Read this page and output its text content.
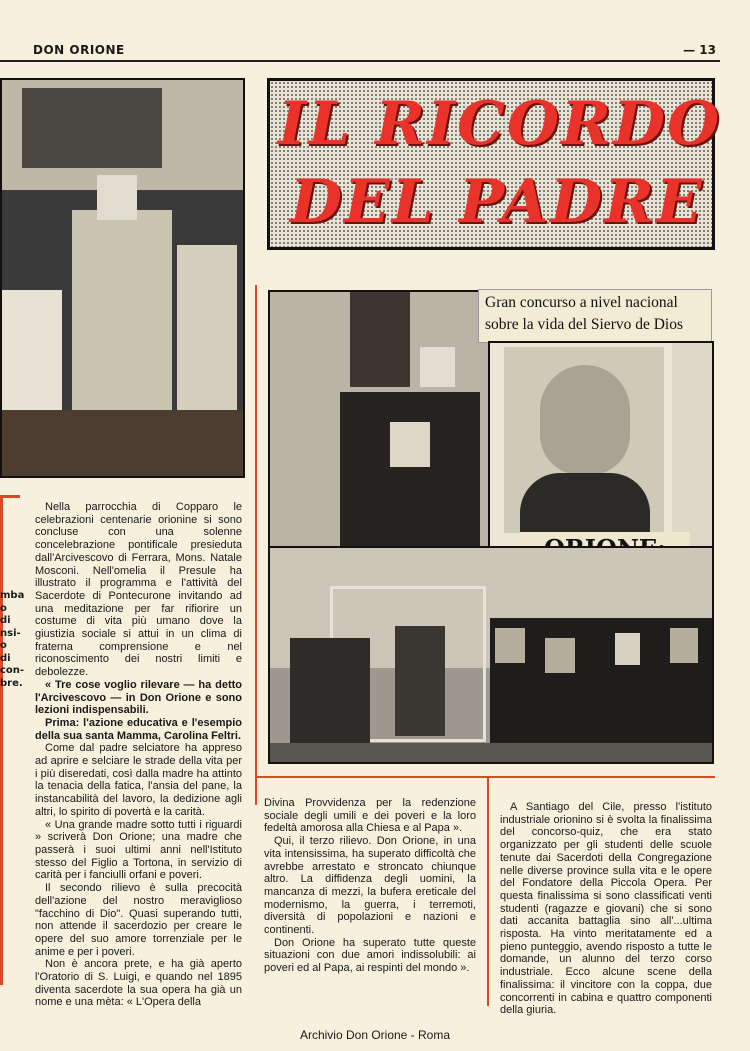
DON ORIONE	— 13
IL RICORDO
DEL PADRE
Gran concurso a nivel nacional
sobre la vida del Siervo de Dios
mba
o di
nsi-
o di
con-
bre.

Nella parrocchia di Copparo le celebrazioni centenarie orionine si sono concluse con una solenne concelebrazione pontificale presieduta dall'Arcivescovo di Ferrara, Mons. Natale Mosconi. Nell'omelia il Presule ha illustrato il programma e l'attività del Sacerdote di Pontecurone invitando ad una meditazione per far rifiorire un costume di vita più umano dove la giustizia sociale si attui in un clima di fraterna comprensione e nel riconoscimento dei nostri limiti e debolezze.

« Tre cose voglio rilevare — ha detto l'Arcivescovo — in Don Orione e sono lezioni indispensabili.

Prima: l'azione educativa e l'esempio della sua santa Mamma, Carolina Feltri.

Come dal padre selciatore ha appreso ad aprire e selciare le strade della vita per i più diseredati, così dalla madre ha attinto la tenacia della fatica, l'ansia del pane, la instancabilità del lavoro, la dedizione agli altri, lo spirito di povertà e la carità.

« Una grande madre sotto tutti i riguardi » scriverà Don Orione; una madre che passerà i suoi ultimi anni nell'Istituto stesso del Figlio a Tortona, in servizio di carità per i fanciulli orfani e poveri.

Il secondo rilievo è sulla precocità dell'azione del nostro meraviglioso "facchino di Dio". Quasi superando tutti, non attende il sacerdozio per creare le opere del suo amore torrenziale per le anime e per i poveri.

Non è ancora prete, e ha già aperto l'Oratorio di S. Luigi, e quando nel 1895 diventa sacerdote la sua opera ha già un nome e una mèta: « L'Opera della

Divina Provvidenza per la redenzione sociale degli umili e dei poveri e la loro fedeltà amorosa alla Chiesa e al Papa ».

Qui, il terzo rilievo. Don Orione, in una vita intensissima, ha superato difficoltà che avrebbe arrestato e stroncato chiunque altro. La diffidenza degli uomini, la mancanza di mezzi, la bufera ereticale del modernismo, la guerra, i terremoti, diversità di popolazioni e nazioni e continenti.

Don Orione ha superato tutte queste situazioni con due amori indissolubili: ai poveri ed al Papa, ai respinti del mondo ».

A Santiago del Cile, presso l'istituto industriale orionino si è svolta la finalissima del concorso-quiz, che era stato organizzato per gli studenti delle scuole tenute dai Sacerdoti della Congregazione nelle diverse province sulla vita e le opere del Fondatore della Piccola Opera. Per questa finalissima si sono classificati venti studenti (ragazze e giovani) che si sono dati accanita battaglia sino all'...ultima risposta. Ha vinto meritatamente ed a pieno punteggio, avendo risposto a tutte le domande, un alunno del terzo corso industriale. Ecco alcune scene della finalissima: il vincitore con la coppa, due concorrenti in cabina e quattro componenti della giuria.

Archivio Don Orione - Roma
